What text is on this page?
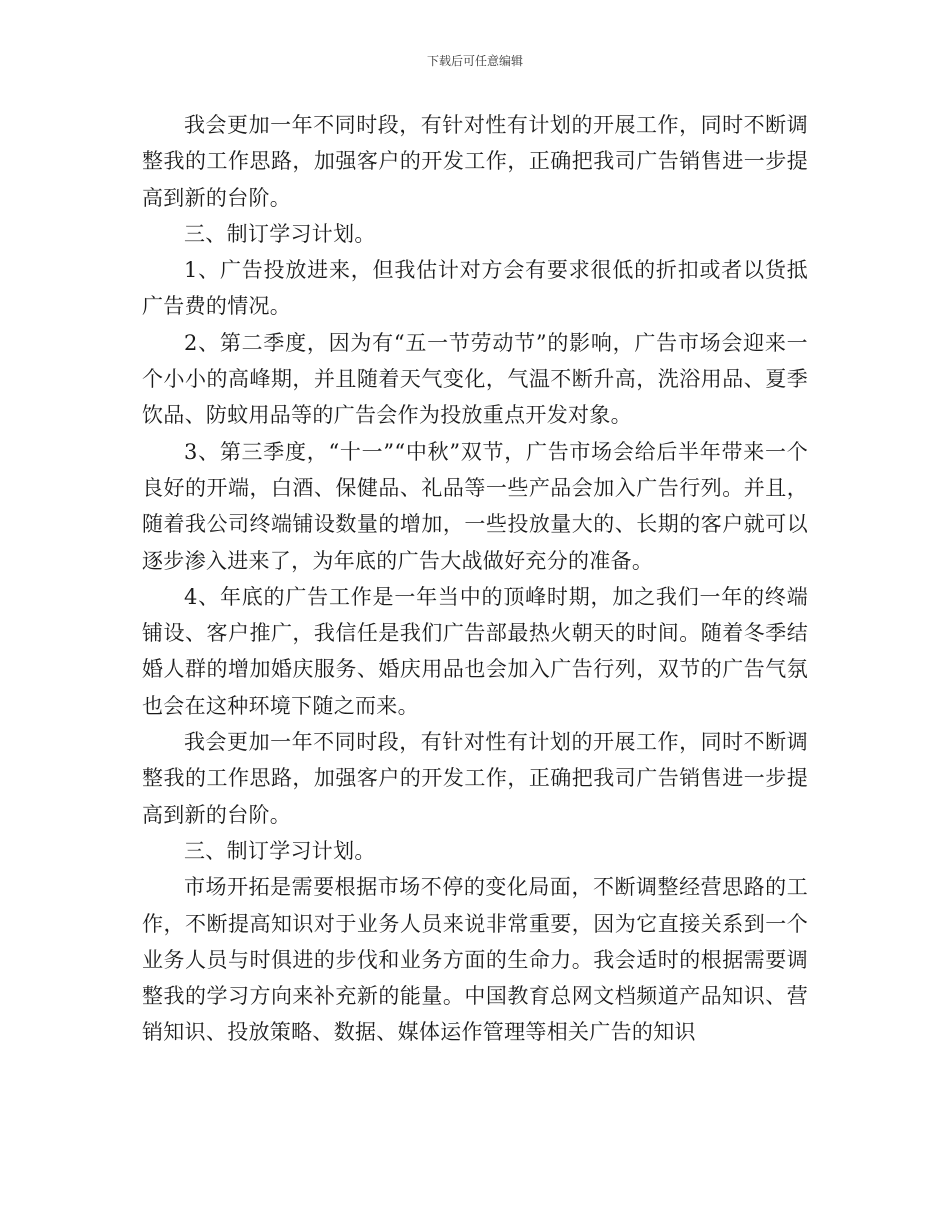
下载后可任意编辑

我会更加一年不同时段，有针对性有计划的开展工作，同时不断调整我的工作思路，加强客户的开发工作，正确把我司广告销售进一步提高到新的台阶。

三、制订学习计划。

1、广告投放进来，但我估计对方会有要求很低的折扣或者以货抵广告费的情况。

2、第二季度，因为有“五一节劳动节”的影响，广告市场会迎来一个小小的高峰期，并且随着天气变化，气温不断升高，洗浴用品、夏季饮品、防蚊用品等的广告会作为投放重点开发对象。

3、第三季度，“十一”“中秋”双节，广告市场会给后半年带来一个良好的开端，白酒、保健品、礼品等一些产品会加入广告行列。并且，随着我公司终端铺设数量的增加，一些投放量大的、长期的客户就可以逐步渗入进来了，为年底的广告大战做好充分的准备。

4、年底的广告工作是一年当中的顶峰时期，加之我们一年的终端铺设、客户推广，我信任是我们广告部最热火朝天的时间。随着冬季结婚人群的增加婚庆服务、婚庆用品也会加入广告行列，双节的广告气氛也会在这种环境下随之而来。

我会更加一年不同时段，有针对性有计划的开展工作，同时不断调整我的工作思路，加强客户的开发工作，正确把我司广告销售进一步提高到新的台阶。

三、制订学习计划。

市场开拓是需要根据市场不停的变化局面，不断调整经营思路的工作，不断提高知识对于业务人员来说非常重要，因为它直接关系到一个业务人员与时俱进的步伐和业务方面的生命力。我会适时的根据需要调整我的学习方向来补充新的能量。中国教育总网文档频道产品知识、营销知识、投放策略、数据、媒体运作管理等相关广告的知识
